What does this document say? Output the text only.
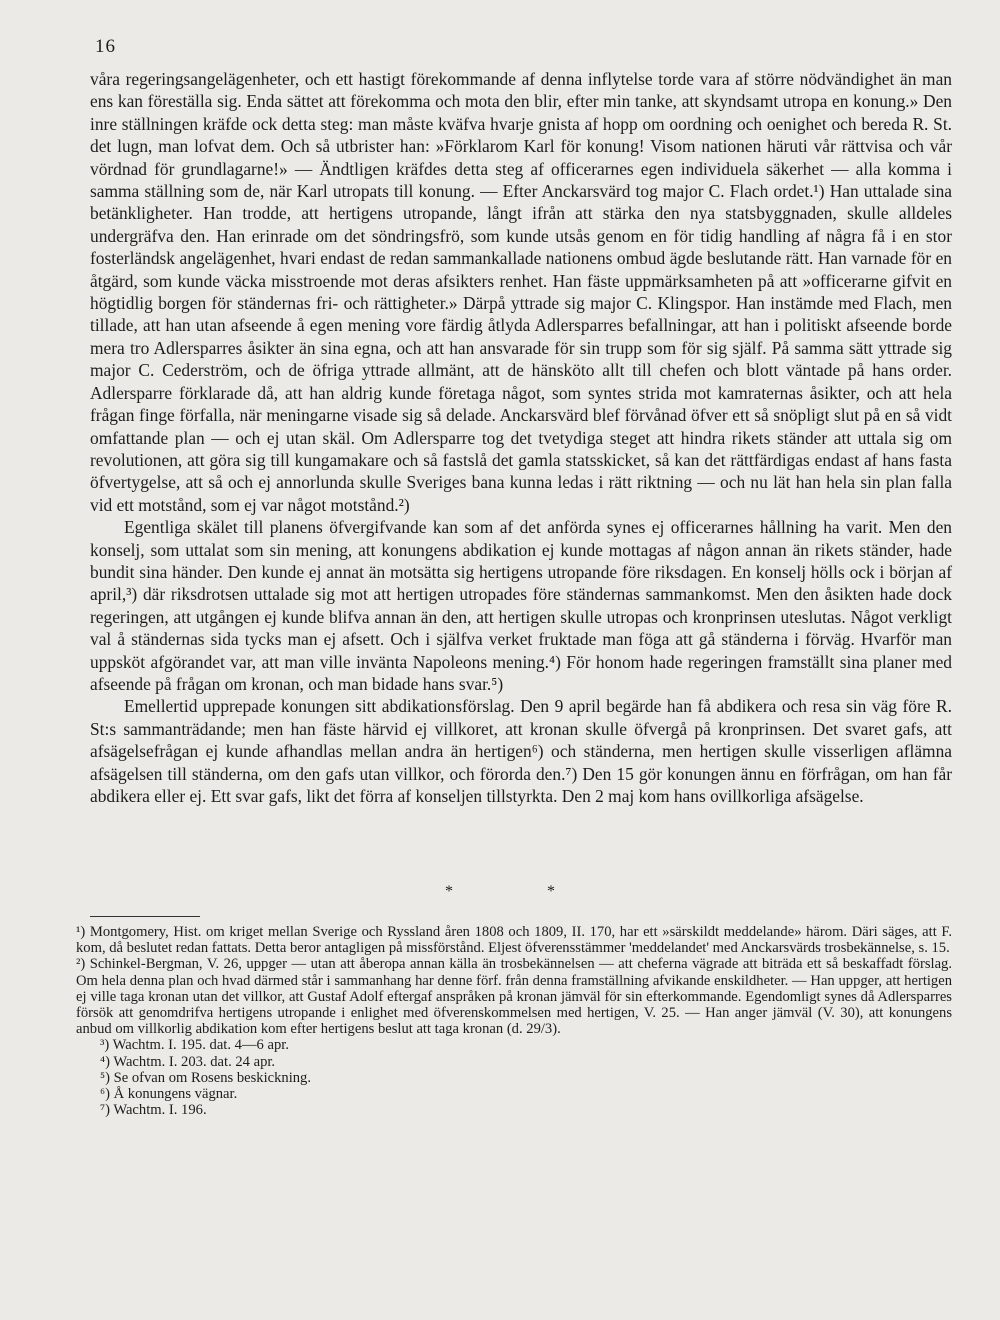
16

våra regeringsangelägenheter, och ett hastigt förekommande af denna inflytelse torde vara af större nödvändighet än man ens kan föreställa sig. Enda sättet att förekomma och mota den blir, efter min tanke, att skyndsamt utropa en konung.» Den inre ställningen kräfde ock detta steg: man måste kväfva hvarje gnista af hopp om oordning och oenighet och bereda R. St. det lugn, man lofvat dem. Och så utbrister han: »Förklarom Karl för konung! Visom nationen häruti vår rättvisa och vår vördnad för grundlagarne!» — Ändtligen kräfdes detta steg af officerarnes egen individuela säkerhet — alla komma i samma ställning som de, när Karl utropats till konung. — Efter Anckarsvärd tog major C. Flach ordet.¹) Han uttalade sina betänkligheter. Han trodde, att hertigens utropande, långt ifrån att stärka den nya statsbyggnaden, skulle alldeles undergräfva den. Han erinrade om det söndringsfrö, som kunde utsås genom en för tidig handling af några få i en stor fosterländsk angelägenhet, hvari endast de redan sammankallade nationens ombud ägde beslutande rätt. Han varnade för en åtgärd, som kunde väcka misstroende mot deras afsikters renhet. Han fäste uppmärksamheten på att »officerarne gifvit en högtidlig borgen för ständernas fri- och rättigheter.» Därpå yttrade sig major C. Klingspor. Han instämde med Flach, men tillade, att han utan afseende å egen mening vore färdig åtlyda Adlersparres befallningar, att han i politiskt afseende borde mera tro Adlersparres åsikter än sina egna, och att han ansvarade för sin trupp som för sig själf. På samma sätt yttrade sig major C. Cederström, och de öfriga yttrade allmänt, att de hänsköto allt till chefen och blott väntade på hans order. Adlersparre förklarade då, att han aldrig kunde företaga något, som syntes strida mot kamraternas åsikter, och att hela frågan finge förfalla, när meningarne visade sig så delade. Anckarsvärd blef förvånad öfver ett så snöpligt slut på en så vidt omfattande plan — och ej utan skäl. Om Adlersparre tog det tvetydiga steget att hindra rikets ständer att uttala sig om revolutionen, att göra sig till kungamakare och så fastslå det gamla statsskicket, så kan det rättfärdigas endast af hans fasta öfvertygelse, att så och ej annorlunda skulle Sveriges bana kunna ledas i rätt riktning — och nu lät han hela sin plan falla vid ett motstånd, som ej var något motstånd.²)

Egentliga skälet till planens öfvergifvande kan som af det anförda synes ej officerarnes hållning ha varit. Men den konselj, som uttalat som sin mening, att konungens abdikation ej kunde mottagas af någon annan än rikets ständer, hade bundit sina händer. Den kunde ej annat än motsätta sig hertigens utropande före riksdagen. En konselj hölls ock i början af april,³) där riksdrotsen uttalade sig mot att hertigen utropades före ständernas sammankomst. Men den åsikten hade dock regeringen, att utgången ej kunde blifva annan än den, att hertigen skulle utropas och kronprinsen uteslutas. Något verkligt val å ständernas sida tycks man ej afsett. Och i själfva verket fruktade man föga att gå ständerna i förväg. Hvarför man uppsköt afgörandet var, att man ville invänta Napoleons mening.⁴) För honom hade regeringen framställt sina planer med afseende på frågan om kronan, och man bidade hans svar.⁵)

Emellertid upprepade konungen sitt abdikationsförslag. Den 9 april begärde han få abdikera och resa sin väg före R. St:s sammanträdande; men han fäste härvid ej villkoret, att kronan skulle öfvergå på kronprinsen. Det svaret gafs, att afsägelsefrågan ej kunde afhandlas mellan andra än hertigen⁶) och ständerna, men hertigen skulle visserligen aflämna afsägelsen till ständerna, om den gafs utan villkor, och förorda den.⁷) Den 15 gör konungen ännu en förfrågan, om han får abdikera eller ej. Ett svar gafs, likt det förra af konseljen tillstyrkta. Den 2 maj kom hans ovillkorliga afsägelse.

* *

¹) Montgomery, Hist. om kriget mellan Sverige och Ryssland åren 1808 och 1809, II. 170, har ett »särskildt meddelande» härom. Däri säges, att F. kom, då beslutet redan fattats. Detta beror antagligen på missförstånd. Eljest öfverensstämmer 'meddelandet' med Anckarsvärds trosbekännelse, s. 15.

²) Schinkel-Bergman, V. 26, uppger — utan att åberopa annan källa än trosbekännelsen — att cheferna vägrade att biträda ett så beskaffadt förslag. Om hela denna plan och hvad därmed står i sammanhang har denne förf. från denna framställning afvikande enskildheter. — Han uppger, att hertigen ej ville taga kronan utan det villkor, att Gustaf Adolf eftergaf anspråken på kronan jämväl för sin efterkommande. Egendomligt synes då Adlersparres försök att genomdrifva hertigens utropande i enlighet med öfverenskommelsen med hertigen, V. 25. — Han anger jämväl (V. 30), att konungens anbud om villkorlig abdikation kom efter hertigens beslut att taga kronan (d. 29/3).

³) Wachtm. I. 195. dat. 4—6 apr.

⁴) Wachtm. I. 203. dat. 24 apr.

⁵) Se ofvan om Rosens beskickning.

⁶) Å konungens vägnar.

⁷) Wachtm. I. 196.
